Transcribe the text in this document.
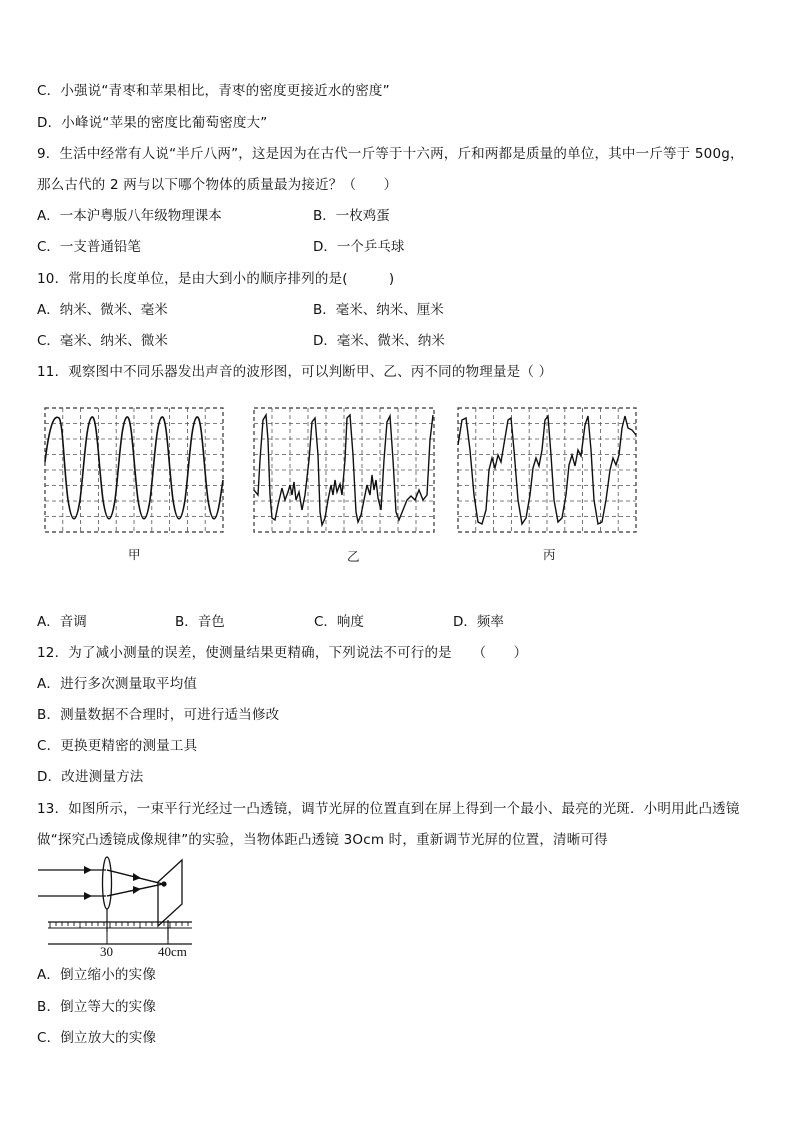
C．小强说“青枣和苹果相比，青枣的密度更接近水的密度”
D．小峰说“苹果的密度比葡萄密度大”
9．生活中经常有人说“半斤八两”，这是因为在古代一斤等于十六两，斤和两都是质量的单位，其中一斤等于 500g，
那么古代的 2 两与以下哪个物体的质量最为接近？（　　）
A．一本沪粤版八年级物理课本	B．一枚鸡蛋
C．一支普通铅笔	D．一个乒乓球
10．常用的长度单位，是由大到小的顺序排列的是(　　　)
A．纳米、微米、毫米	B．毫米、纳米、厘米
C．毫米、纳米、微米	D．毫米、微米、纳米
11．观察图中不同乐器发出声音的波形图，可以判断甲、乙、丙不同的物理量是（ ）
甲	乙	丙
A．音调	B．音色	C．响度	D．频率
12．为了减小测量的误差，使测量结果更精确，下列说法不可行的是　　（　　）
A．进行多次测量取平均值
B．测量数据不合理时，可进行适当修改
C．更换更精密的测量工具
D．改进测量方法
13．如图所示，一束平行光经过一凸透镜，调节光屏的位置直到在屏上得到一个最小、最亮的光斑．小明用此凸透镜
做“探究凸透镜成像规律”的实验，当物体距凸透镜 3Ocm 时，重新调节光屏的位置，清晰可得
30	40cm
A．倒立缩小的实像
B．倒立等大的实像
C．倒立放大的实像
